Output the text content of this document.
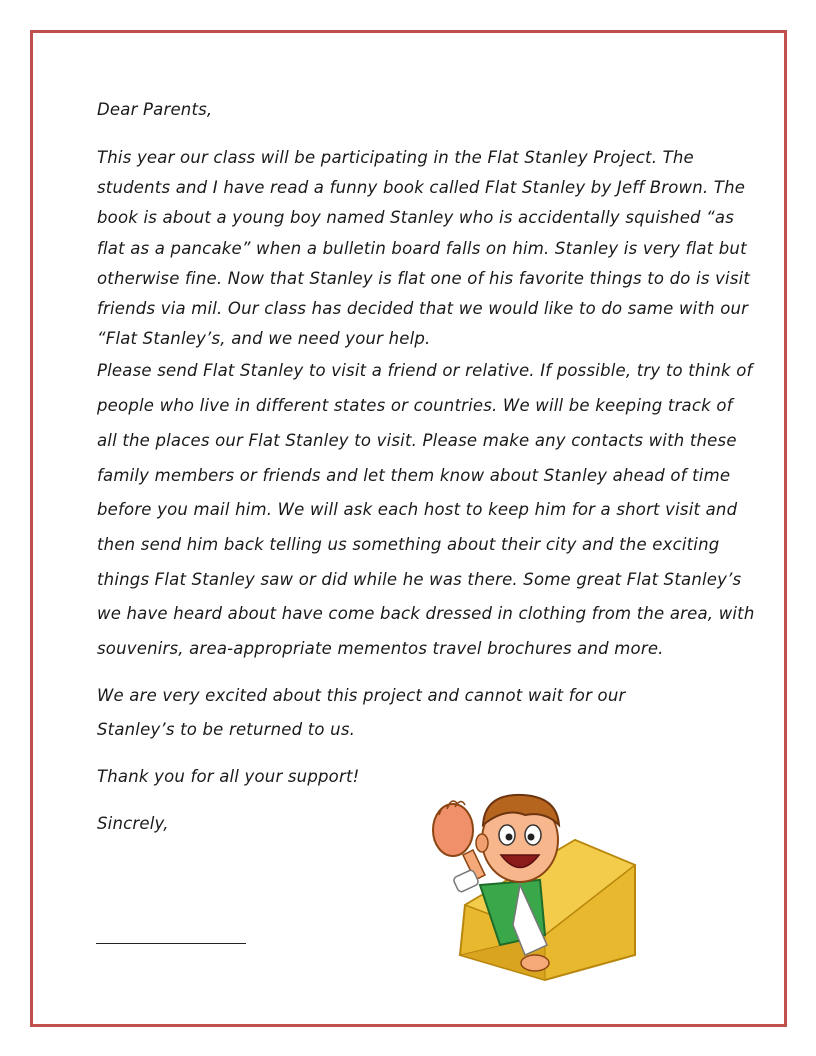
Dear Parents,

This year our class will be participating in the Flat Stanley Project. The students and I have read a funny book called Flat Stanley by Jeff Brown. The book is about a young boy named Stanley who is accidentally squished “as flat as a pancake” when a bulletin board falls on him. Stanley is very flat but otherwise fine. Now that Stanley is flat one of his favorite things to do is visit friends via mil. Our class has decided that we would like to do same with our “Flat Stanley’s, and we need your help.

Please send Flat Stanley to visit a friend or relative. If possible, try to think of people who live in different states or countries. We will be keeping track of all the places our Flat Stanley to visit. Please make any contacts with these family members or friends and let them know about Stanley ahead of time before you mail him. We will ask each host to keep him for a short visit and then send him back telling us something about their city and the exciting things Flat Stanley saw or did while he was there. Some great Flat Stanley’s we have heard about have come back dressed in clothing from the area, with souvenirs, area-appropriate mementos travel brochures and more.

We are very excited about this project and cannot wait for our Stanley’s to be returned to us.

Thank you for all your support!

Sincrely,
